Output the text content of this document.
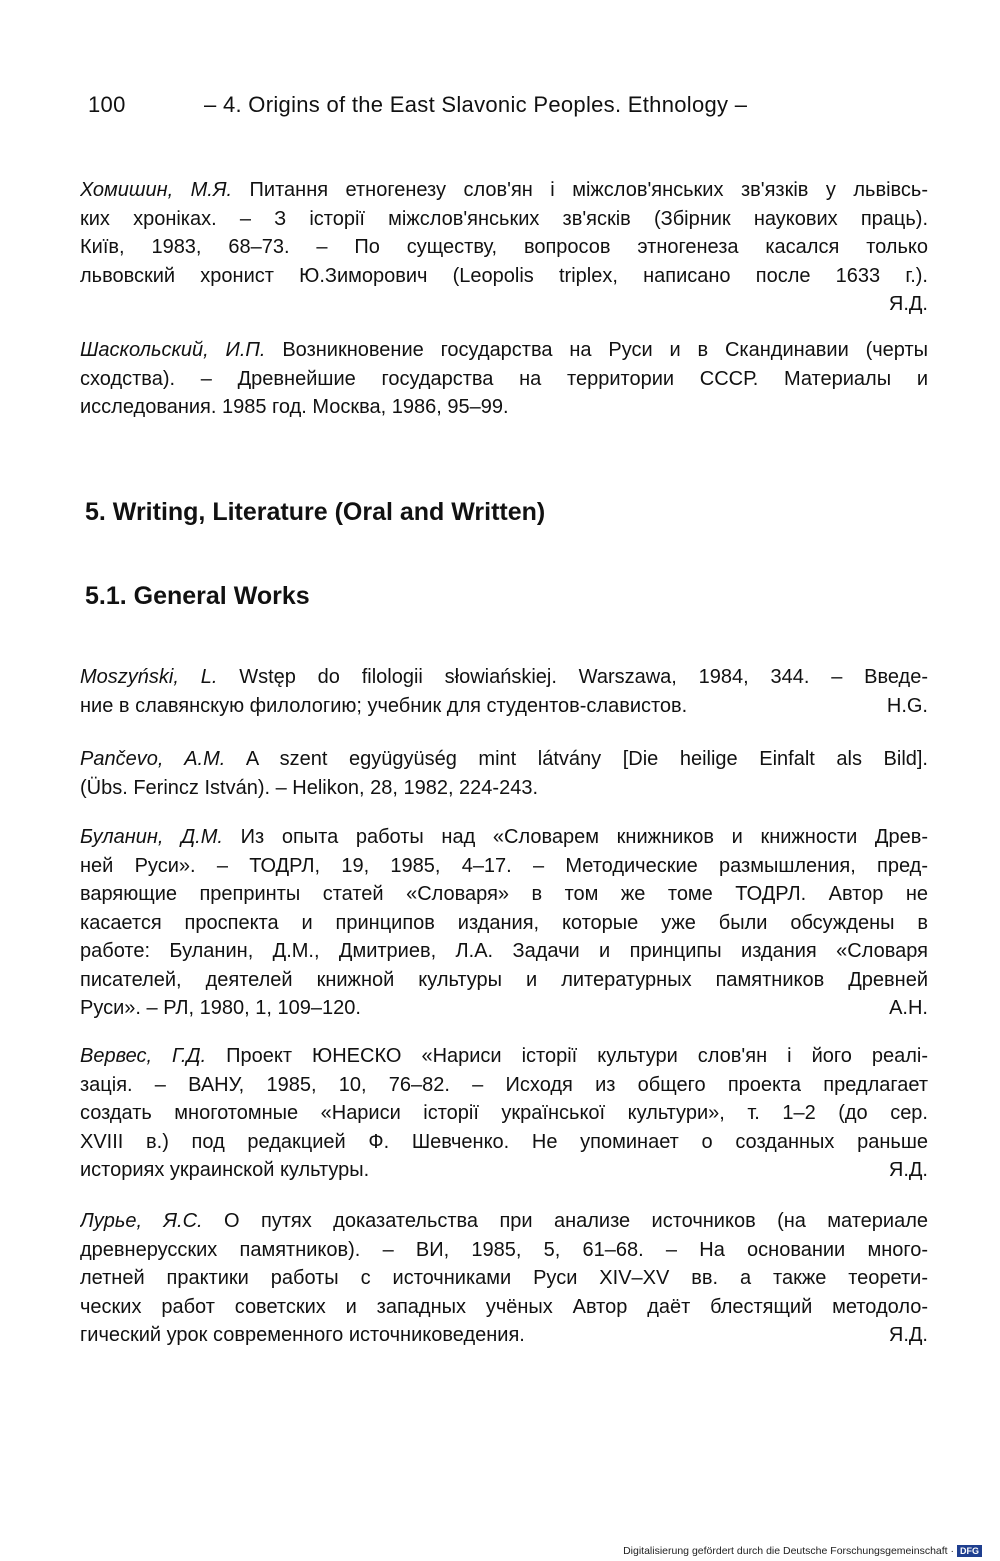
100	– 4. Origins of the East Slavonic Peoples. Ethnology –
Хомишин, М.Я. Питання етногенезу слов'ян і міжслов'янських зв'язків у львівсь-
ких хроніках. – З історії міжслов'янських зв'ясків (Збірник наукових праць).
Київ, 1983, 68–73. – По существу, вопросов этногенеза касался только
львовский хронист Ю.Зиморович (Leopolis triplex, написано после 1633 г.).
Я.Д.
Шаскольский, И.П. Возникновение государства на Руси и в Скандинавии (черты
сходства). – Древнейшие государства на территории СССР. Материалы и
исследования. 1985 год. Москва, 1986, 95–99.
5. Writing, Literature (Oral and Written)
5.1. General Works
Moszyński, L. Wstęp do filologii słowiańskiej. Warszawa, 1984, 344. – Введе-
ние в славянскую филологию; учебник для студентов-славистов.	H.G.
Pančevo, A.M. A szent együgyüség mint látvány [Die heilige Einfalt als Bild].
(Übs. Ferincz István). – Helikon, 28, 1982, 224-243.
Буланин, Д.М. Из опыта работы над «Словарем книжников и книжности Древ-
ней Руси». – ТОДРЛ, 19, 1985, 4–17. – Методические размышления, пред-
варяющие препринты статей «Словаря» в том же томе ТОДРЛ. Автор не
касается проспекта и принципов издания, которые уже были обсуждены в
работе: Буланин, Д.М., Дмитриев, Л.А. Задачи и принципы издания «Словаря
писателей, деятелей книжной культуры и литературных памятников Древней
Руси». – РЛ, 1980, 1, 109–120.	А.Н.
Вервес, Г.Д. Проект ЮНЕСКО «Нариси історії культури слов'ян і його реалі-
зація. – ВАНУ, 1985, 10, 76–82. – Исходя из общего проекта предлагает
создать многотомные «Нариси історії української культури», т. 1–2 (до сер.
XVIII в.) под редакцией Ф. Шевченко. Не упоминает о созданных раньше
историях украинской культуры.	Я.Д.
Лурье, Я.С. О путях доказательства при анализе источников (на материале
древнерусских памятников). – ВИ, 1985, 5, 61–68. – На основании много-
летней практики работы с источниками Руси XIV–XV вв. а также теорети-
ческих работ советских и западных учёных Автор даёт блестящий методоло-
гический урок современного источниковедения.	Я.Д.
Digitalisierung gefördert durch die Deutsche Forschungsgemeinschaft · DFG
